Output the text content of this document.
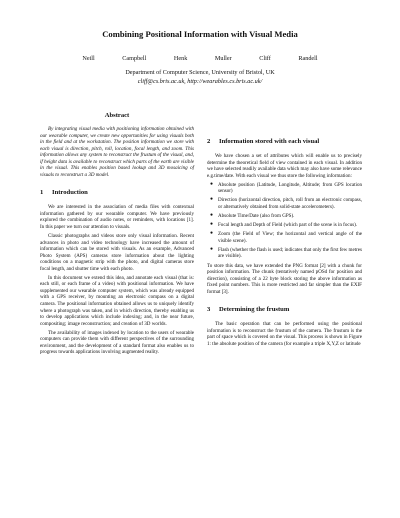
Combining Positional Information with Visual Media
Neill Campbell Henk Muller Cliff Randell
Department of Computer Science, University of Bristol, UK
cliff@cs.bris.ac.uk, http://wearables.cs.bris.ac.uk/
Abstract

By integrating visual media with positioning information obtained with our wearable computer, we create new opportunities for using visuals both in the field and at the workstation. The position information we store with each visual is direction, pitch, roll, location, focal length, and zoom. This information allows any system to reconstruct the frustum of the visual, and, if height data is available to reconstruct which parts of the earth are visible in the visual. This enables position based lookup and 3D mosaicing of visuals to reconstruct a 3D model.

1 Introduction

We are interested in the association of media files with contextual information gathered by our wearable computer. We have previously explored the combination of audio notes, or reminders, with locations [1]. In this paper we turn our attention to visuals.

Classic photographs and videos store only visual information. Recent advances in photo and video technology have increased the amount of information which can be stored with visuals. As an example, Advanced Photo System (APS) cameras store information about the lighting conditions on a magnetic strip with the photo, and digital cameras store focal length, and shutter time with each photo.

In this document we extend this idea, and annotate each visual (that is: each still, or each frame of a video) with positional information. We have supplemented our wearable computer system, which was already equipped with a GPS receiver, by mounting an electronic compass on a digital camera. The positional information obtained allows us to uniquely identify where a photograph was taken, and in which direction, thereby enabling us to develop applications which include indexing; and, in the near future, compositing; image reconstruction; and creation of 3D worlds.

The availability of images indexed by location to the users of wearable computers can provide them with different perspectives of the surrounding environment, and the development of a standard format also enables us to progress towards applications involving augmented reality.

2 Information stored with each visual

We have chosen a set of attributes which will enable us to precisely determine the theoretical field of view contained in each visual. In addition we have selected readily available data which may also have some relevance e.g.time/date. With each visual we thus store the following information:

● Absolute position (Latitude, Longitude, Altitude; from GPS location sensor)
● Direction (horizontal direction, pitch, roll from an electronic compass, or alternatively obtained from solid-state accelerometers).
● Absolute Time/Date (also from GPS).
● Focal length and Depth of Field (which part of the scene is in focus).
● Zoom (the Field of View; the horizontal and vertical angle of the visible scene).
● Flash (whether the flash is used; indicates that only the first few metres are visible).

To store this data, we have extended the PNG format [2] with a chunk for position information. The chunk (tentatively named pOSd for position and direction), consisting of a 22 byte block storing the above information as fixed point numbers. This is more restricted and far simpler than the EXIF format [3].

3 Determining the frustum

The basic operation that can be performed using the positional information is to reconstruct the frustum of the camera. The frustum is the part of space which is covered on the visual. This process is shown in Figure 1: the absolute position of the camera (for example a triple X,Y,Z or latitude
